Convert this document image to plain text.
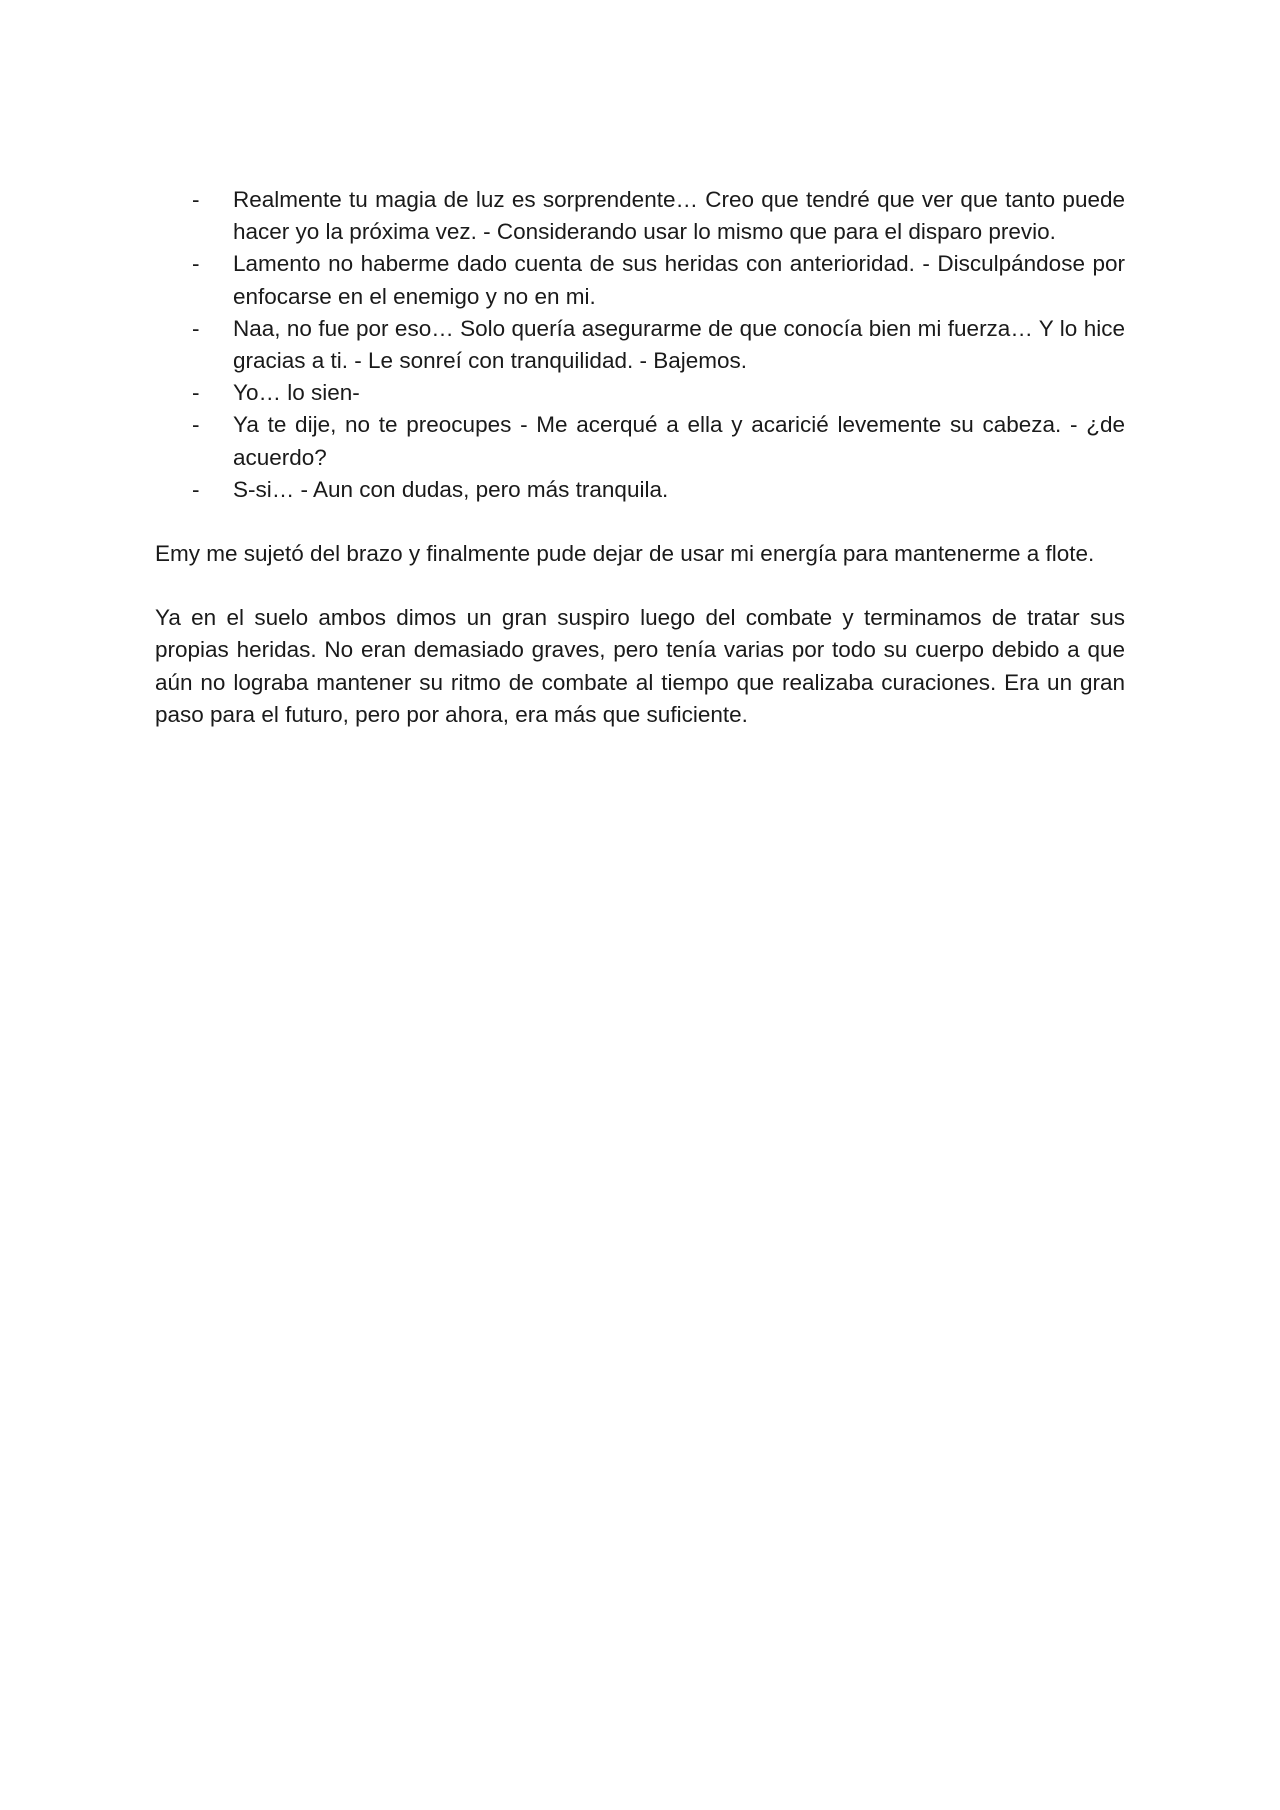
- Realmente tu magia de luz es sorprendente… Creo que tendré que ver que tanto puede hacer yo la próxima vez. - Considerando usar lo mismo que para el disparo previo.
- Lamento no haberme dado cuenta de sus heridas con anterioridad. - Disculpándose por enfocarse en el enemigo y no en mi.
- Naa, no fue por eso… Solo quería asegurarme de que conocía bien mi fuerza… Y lo hice gracias a ti. - Le sonreí con tranquilidad. - Bajemos.
- Yo… lo sien-
- Ya te dije, no te preocupes - Me acerqué a ella y acaricié levemente su cabeza. - ¿de acuerdo?
- S-si… - Aun con dudas, pero más tranquila.

Emy me sujetó del brazo y finalmente pude dejar de usar mi energía para mantenerme a flote.

Ya en el suelo ambos dimos un gran suspiro luego del combate y terminamos de tratar sus propias heridas. No eran demasiado graves, pero tenía varias por todo su cuerpo debido a que aún no lograba mantener su ritmo de combate al tiempo que realizaba curaciones. Era un gran paso para el futuro, pero por ahora, era más que suficiente.
